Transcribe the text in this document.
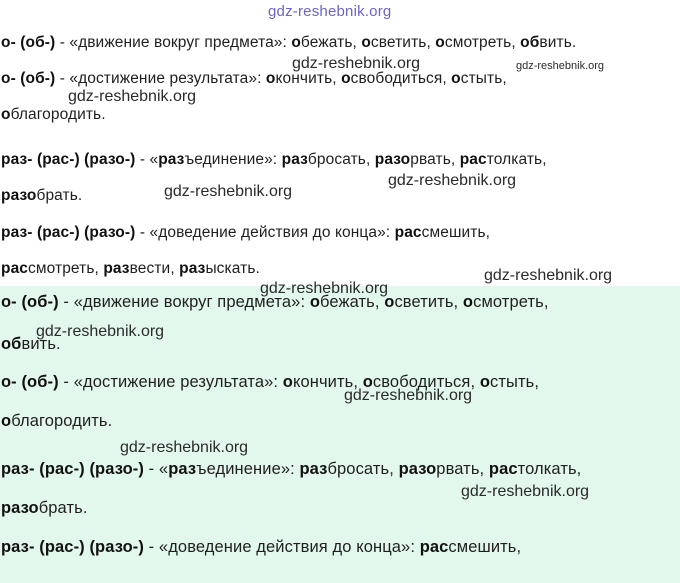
o- (об-) - «движение вокруг предмета»: обежать, осветить, осмотреть, обвить.
o- (об-) - «достижение результата»: окончить, освободиться, остыть,
облагородить.
раз- (рас-) (разо-) - «разъединение»: разбросать, разорвать, растолкать,
разобрать.
раз- (рас-) (разо-) - «доведение действия до конца»: рассмешить,
рассмотреть, развести, разыскать.
o- (об-) - «движение вокруг предмета»: обежать, осветить, осмотреть,
обвить.
o- (об-) - «достижение результата»: окончить, освободиться, остыть,
облагородить.
раз- (рас-) (разо-) - «разъединение»: разбросать, разорвать, растолкать,
разобрать.
раз- (рас-) (разо-) - «доведение действия до конца»: рассмешить,
gdz-reshebnik.org
gdz-reshebnik.org	gdz-reshebnik.org
gdz-reshebnik.org
gdz-reshebnik.org
gdz-reshebnik.org
gdz-reshebnik.org
gdz-reshebnik.org
gdz-reshebnik.org
gdz-reshebnik.org
gdz-reshebnik.org
gdz-reshebnik.org
